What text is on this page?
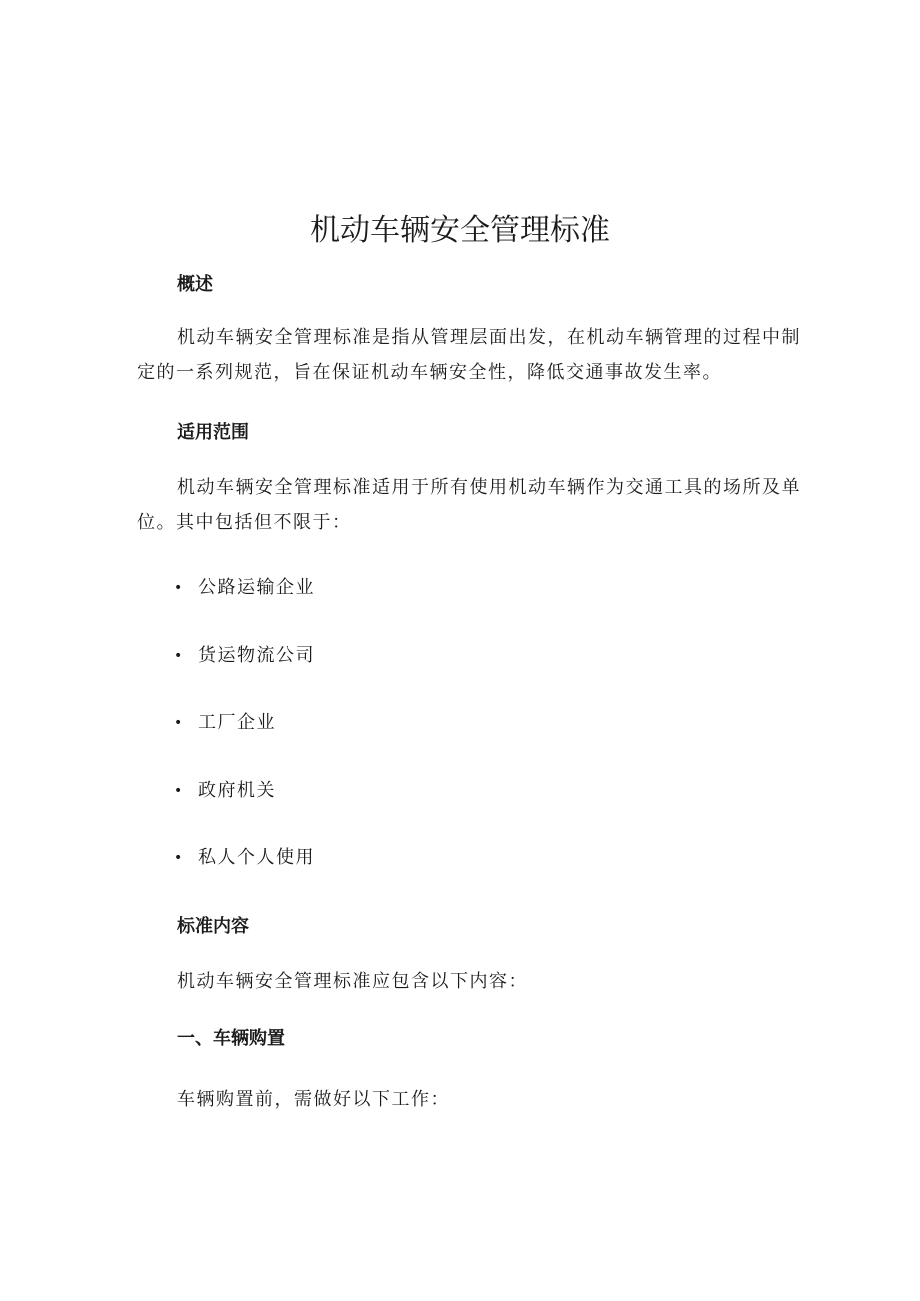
机动车辆安全管理标准
概述

机动车辆安全管理标准是指从管理层面出发，在机动车辆管理的过程中制定的一系列规范，旨在保证机动车辆安全性，降低交通事故发生率。

适用范围

机动车辆安全管理标准适用于所有使用机动车辆作为交通工具的场所及单位。其中包括但不限于：

• 公路运输企业
• 货运物流公司
• 工厂企业
• 政府机关
• 私人个人使用
标准内容

机动车辆安全管理标准应包含以下内容：

一、车辆购置

车辆购置前，需做好以下工作：
